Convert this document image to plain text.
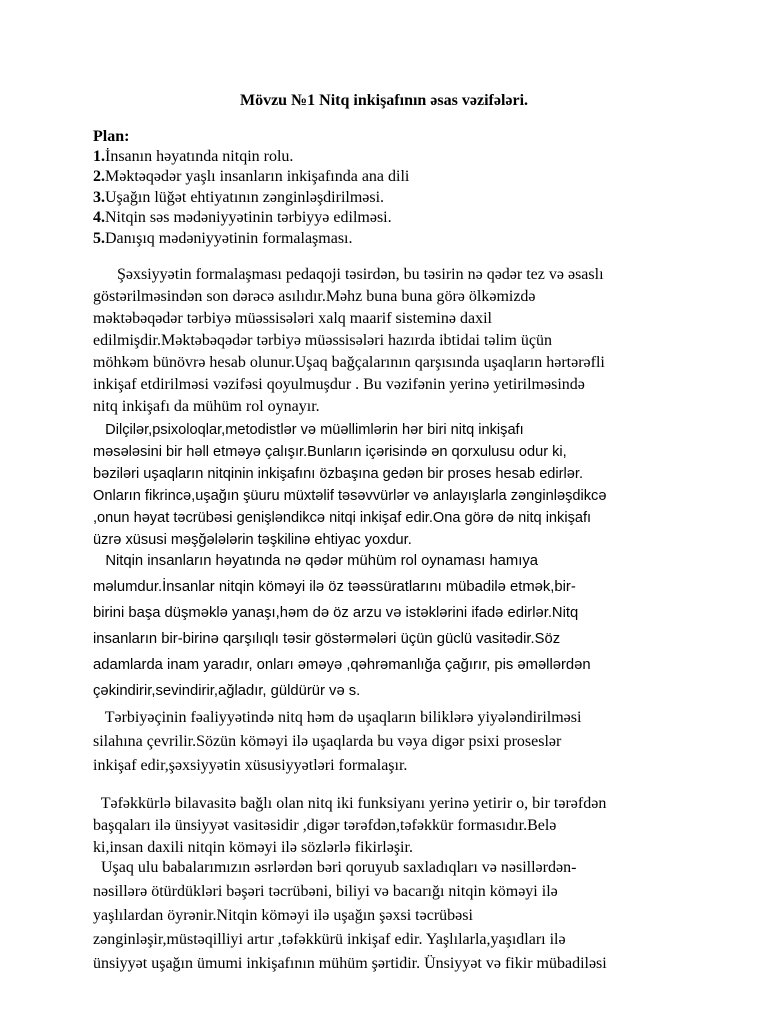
Mövzu №1 Nitq inkişafının əsas vəzifələri.
Plan:
1.İnsanın həyatında nitqin rolu.
2.Məktəqədər yaşlı insanların inkişafında ana dili
3.Uşağın lüğət ehtiyatının zənginləşdirilməsi.
4.Nitqin səs mədəniyyətinin tərbiyyə edilməsi.
5.Danışıq mədəniyyətinin formalaşması.
Şəxsiyyətin formalaşması pedaqoji təsirdən, bu təsirin nə qədər tez və əsaslı
göstərilməsindən son dərəcə asılıdır.Məhz buna buna görə ölkəmizdə
məktəbəqədər tərbiyə müəssisələri xalq maarif sisteminə daxil
edilmişdir.Məktəbəqədər tərbiyə müəssisələri hazırda ibtidai təlim üçün
möhkəm bünövrə hesab olunur.Uşaq bağçalarının qarşısında uşaqların hərtərəfli
inkişaf etdirilməsi vəzifəsi qoyulmuşdur . Bu vəzifənin yerinə yetirilməsində
nitq inkişafı da mühüm rol oynayır.
Dilçilər,psixoloqlar,metodistlər və müəllimlərin hər biri nitq inkişafı
məsələsini bir həll etməyə çalışır.Bunların içərisində ən qorxulusu odur ki,
bəziləri uşaqların nitqinin inkişafını özbaşına gedən bir proses hesab edirlər.
Onların fikrincə,uşağın şüuru müxtəlif təsəvvürlər və anlayışlarla zənginləşdikcə
,onun həyat təcrübəsi genişləndikcə nitqi inkişaf edir.Ona görə də nitq inkişafı
üzrə xüsusi məşğələlərin təşkilinə ehtiyac yoxdur.
Nitqin insanların həyatında nə qədər mühüm rol oynaması hamıya
məlumdur.İnsanlar nitqin köməyi ilə öz təəssüratlarını mübadilə etmək,bir-
birini başa düşməklə yanaşı,həm də öz arzu və istəklərini ifadə edirlər.Nitq
insanların bir-birinə qarşılıqlı təsir göstərmələri üçün güclü vasitədir.Söz
adamlarda inam yaradır, onları əməyə ,qəhrəmanlığa çağırır, pis əməllərdən
çəkindirir,sevindirir,ağladır, güldürür və s.
Tərbiyəçinin fəaliyyətində nitq həm də uşaqların biliklərə yiyələndirilməsi
silahına çevrilir.Sözün köməyi ilə uşaqlarda bu vəya digər psixi proseslər
inkişaf edir,şəxsiyyətin xüsusiyyətləri formalaşır.
Təfəkkürlə bilavasitə bağlı olan nitq iki funksiyanı yerinə yetirir o, bir tərəfdən
başqaları ilə ünsiyyət vasitəsidir ,digər tərəfdən,təfəkkür formasıdır.Belə
ki,insan daxili nitqin köməyi ilə sözlərlə fikirləşir.
Uşaq ulu babalarımızın əsrlərdən bəri qoruyub saxladıqları və nəsillərdən-
nəsillərə ötürdükləri bəşəri təcrübəni, biliyi və bacarığı nitqin köməyi ilə
yaşlılardan öyrənir.Nitqin köməyi ilə uşağın şəxsi təcrübəsi
zənginləşir,müstəqilliyi artır ,təfəkkürü inkişaf edir. Yaşlılarla,yaşıdları ilə
ünsiyyət uşağın ümumi inkişafının mühüm şərtidir. Ünsiyyət və fikir mübadiləsi
